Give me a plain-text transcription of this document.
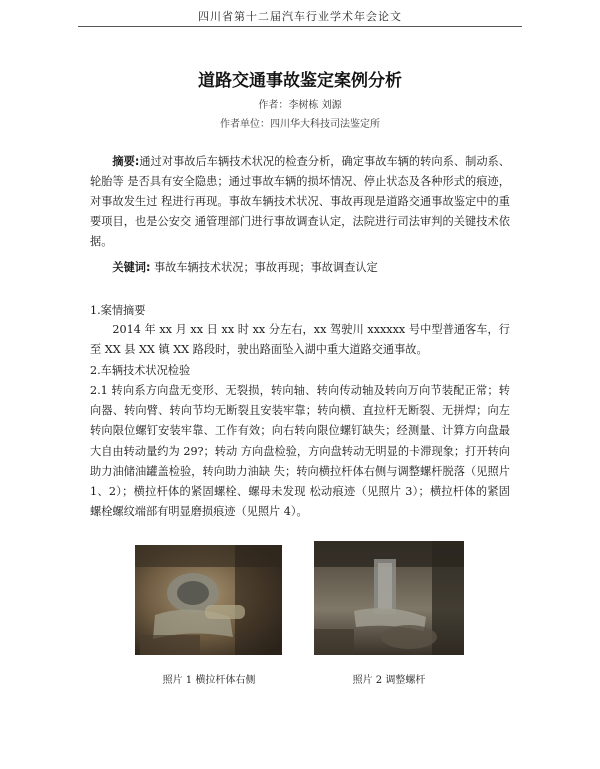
四川省第十二届汽车行业学术年会论文
道路交通事故鉴定案例分析
作者：李树栋 刘源
作者单位：四川华大科技司法鉴定所

摘要:通过对事故后车辆技术状况的检查分析，确定事故车辆的转向系、制动系、轮胎等 是否具有安全隐患；通过事故车辆的损坏情况、停止状态及各种形式的痕迹，对事故发生过 程进行再现。事故车辆技术状况、事故再现是道路交通事故鉴定中的重要项目，也是公安交 通管理部门进行事故调查认定，法院进行司法审判的关键技术依据。

关键词: 事故车辆技术状况；事故再现；事故调查认定

1.案情摘要

2014 年 xx 月 xx 日 xx 时 xx 分左右，xx 驾驶川 xxxxxx 号中型普通客车，行至 XX 县 XX 镇 XX 路段时，驶出路面坠入湖中重大道路交通事故。

2.车辆技术状况检验

2.1 转向系方向盘无变形、无裂损，转向轴、转向传动轴及转向万向节装配正常；转向器、转向臂、转向节均无断裂且安装牢靠；转向横、直拉杆无断裂、无拼焊；向左转向限位螺钉安装牢靠、工作有效；向右转向限位螺钉缺失；经测量、计算方向盘最大自由转动量约为 29?；转动 方向盘检验，方向盘转动无明显的卡滞现象；打开转向助力油储油罐盖检验，转向助力油缺 失；转向横拉杆体右侧与调整螺杆脱落（见照片 1、2）；横拉杆体的紧固螺栓、螺母未发现 松动痕迹（见照片 3）；横拉杆体的紧固螺栓螺纹端部有明显磨损痕迹（见照片 4）。

照片 1 横拉杆体右侧	照片 2 调整螺杆
